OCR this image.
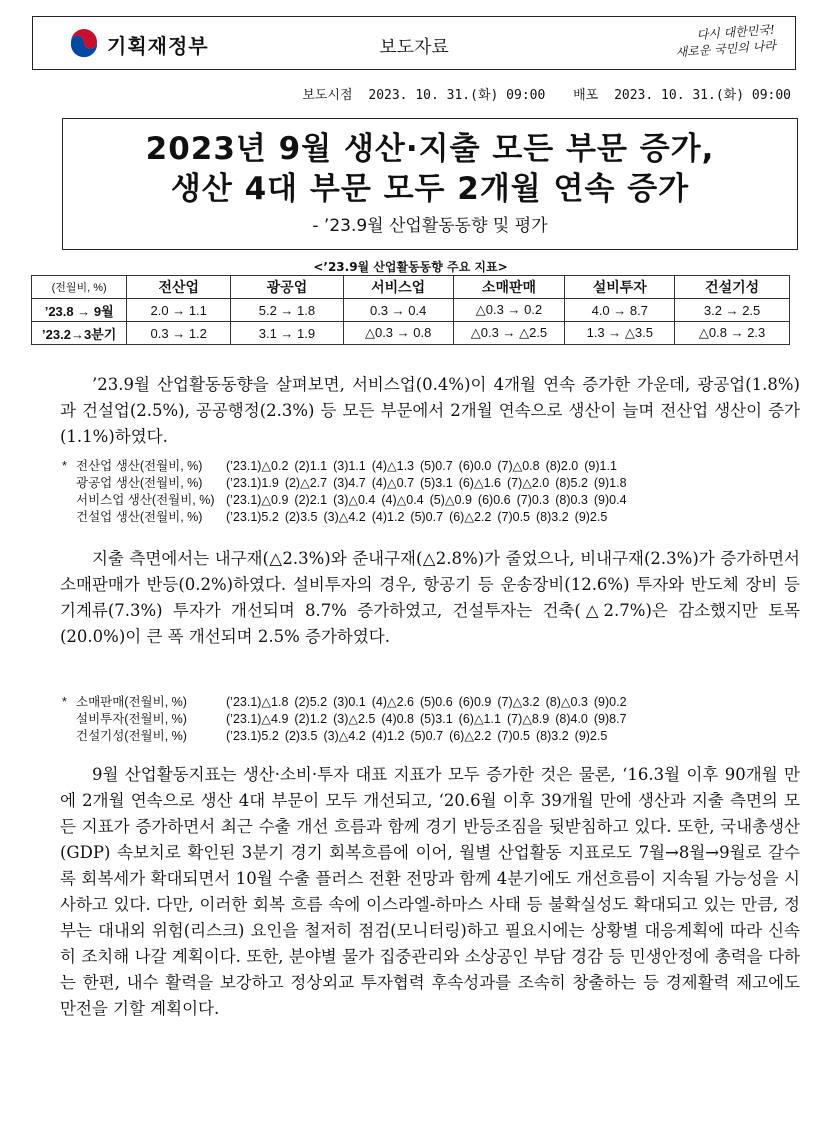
기획재정부	보도자료
다시 대한민국!
새로운 국민의 나라
보도시점 2023. 10. 31.(화) 09:00 배포 2023. 10. 31.(화) 09:00
2023년 9월 생산·지출 모든 부문 증가,
생산 4대 부문 모두 2개월 연속 증가
- ’23.9월 산업활동동향 및 평가
<’23.9월 산업활동동향 주요 지표>
(전월비, %)	전산업	광공업	서비스업	소매판매	설비투자	건설기성
’23.8 → 9월	2.0 → 1.1	5.2 → 1.8	0.3 → 0.4	△0.3 → 0.2	4.0 → 8.7	3.2 → 2.5
’23.2→3분기	0.3 → 1.2	3.1 → 1.9	△0.3 → 0.8	△0.3 → △2.5	1.3 → △3.5	△0.8 → 2.3
’23.9월 산업활동동향을 살펴보면, 서비스업(0.4%)이 4개월 연속 증가한 가운데, 광공업(1.8%)과 건설업(2.5%), 공공행정(2.3%) 등 모든 부문에서 2개월 연속으로 생산이 늘며 전산업 생산이 증가(1.1%)하였다.
* 전산업 생산(전월비, %)	(’23.1)△0.2 (2)1.1 (3)1.1 (4)△1.3 (5)0.7 (6)0.0 (7)△0.8 (8)2.0 (9)1.1
광공업 생산(전월비, %)	(’23.1)1.9 (2)△2.7 (3)4.7 (4)△0.7 (5)3.1 (6)△1.6 (7)△2.0 (8)5.2 (9)1.8
서비스업 생산(전월비, %) (’23.1)△0.9 (2)2.1 (3)△0.4 (4)△0.4 (5)△0.9 (6)0.6 (7)0.3 (8)0.3 (9)0.4
건설업 생산(전월비, %)	(’23.1)5.2 (2)3.5 (3)△4.2 (4)1.2 (5)0.7 (6)△2.2 (7)0.5 (8)3.2 (9)2.5
지출 측면에서는 내구재(△2.3%)와 준내구재(△2.8%)가 줄었으나, 비내구재(2.3%)가 증가하면서 소매판매가 반등(0.2%)하였다. 설비투자의 경우, 항공기 등 운송장비(12.6%) 투자와 반도체 장비 등 기계류(7.3%) 투자가 개선되며 8.7% 증가하였고, 건설투자는 건축(△2.7%)은 감소했지만 토목(20.0%)이 큰 폭 개선되며 2.5% 증가하였다.
* 소매판매(전월비, %)	(’23.1)△1.8 (2)5.2 (3)0.1 (4)△2.6 (5)0.6 (6)0.9 (7)△3.2 (8)△0.3 (9)0.2
설비투자(전월비, %)	(’23.1)△4.9 (2)1.2 (3)△2.5 (4)0.8 (5)3.1 (6)△1.1 (7)△8.9 (8)4.0 (9)8.7
건설기성(전월비, %)	(’23.1)5.2 (2)3.5 (3)△4.2 (4)1.2 (5)0.7 (6)△2.2 (7)0.5 (8)3.2 (9)2.5
9월 산업활동지표는 생산·소비·투자 대표 지표가 모두 증가한 것은 물론, ‘16.3월 이후 90개월 만에 2개월 연속으로 생산 4대 부문이 모두 개선되고, ‘20.6월 이후 39개월 만에 생산과 지출 측면의 모든 지표가 증가하면서 최근 수출 개선 흐름과 함께 경기 반등조짐을 뒷받침하고 있다. 또한, 국내총생산(GDP) 속보치로 확인된 3분기 경기 회복흐름에 이어, 월별 산업활동 지표로도 7월→8월→9월로 갈수록 회복세가 확대되면서 10월 수출 플러스 전환 전망과 함께 4분기에도 개선흐름이 지속될 가능성을 시사하고 있다. 다만, 이러한 회복 흐름 속에 이스라엘-하마스 사태 등 불확실성도 확대되고 있는 만큼, 정부는 대내외 위험(리스크) 요인을 철저히 점검(모니터링)하고 필요시에는 상황별 대응계획에 따라 신속히 조치해 나갈 계획이다. 또한, 분야별 물가 집중관리와 소상공인 부담 경감 등 민생안정에 총력을 다하는 한편, 내수 활력을 보강하고 정상외교 투자협력 후속성과를 조속히 창출하는 등 경제활력 제고에도 만전을 기할 계획이다.
